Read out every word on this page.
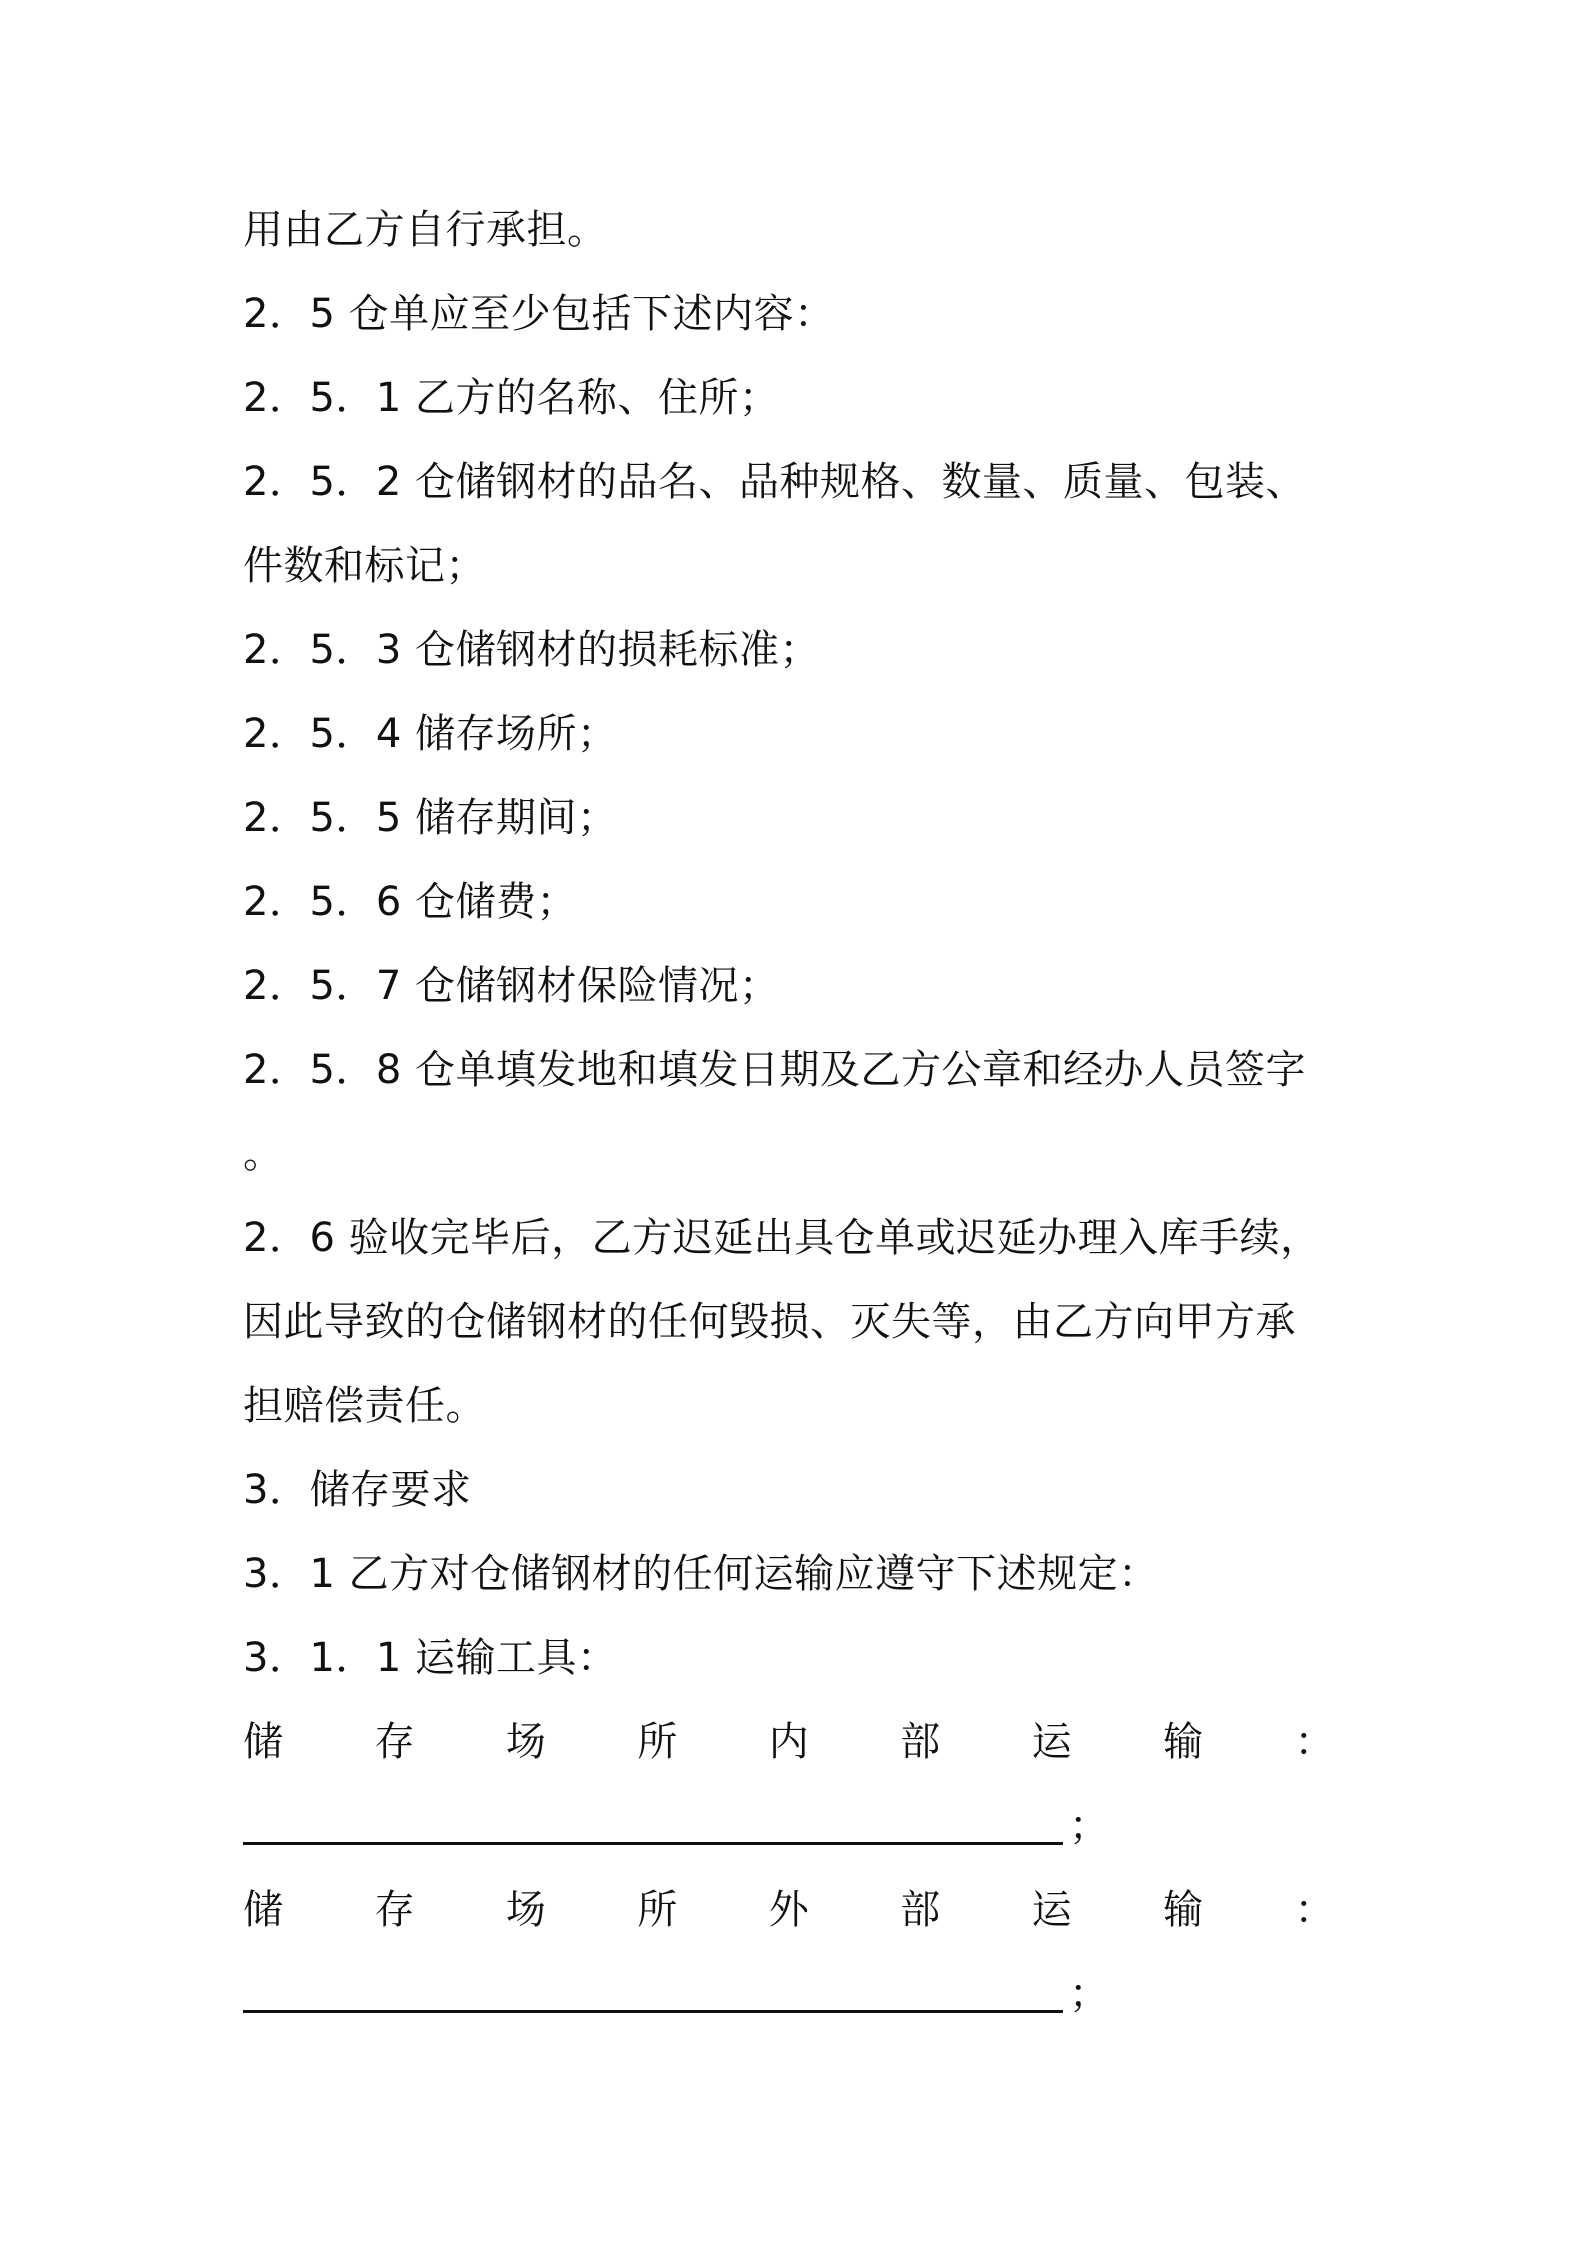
用由乙方自行承担。
2．5 仓单应至少包括下述内容：
2．5．1 乙方的名称、住所；
2．5．2 仓储钢材的品名、品种规格、数量、质量、包装、
件数和标记；
2．5．3 仓储钢材的损耗标准；
2．5．4 储存场所；
2．5．5 储存期间；
2．5．6 仓储费；
2．5．7 仓储钢材保险情况；
2．5．8 仓单填发地和填发日期及乙方公章和经办人员签字
。
2．6 验收完毕后，乙方迟延出具仓单或迟延办理入库手续，
因此导致的仓储钢材的任何毁损、灭失等，由乙方向甲方承
担赔偿责任。
3．储存要求
3．1 乙方对仓储钢材的任何运输应遵守下述规定：
3．1．1 运输工具：
储 存 场 所 内 部 运 输 ：
；
储 存 场 所 外 部 运 输 ：
；
